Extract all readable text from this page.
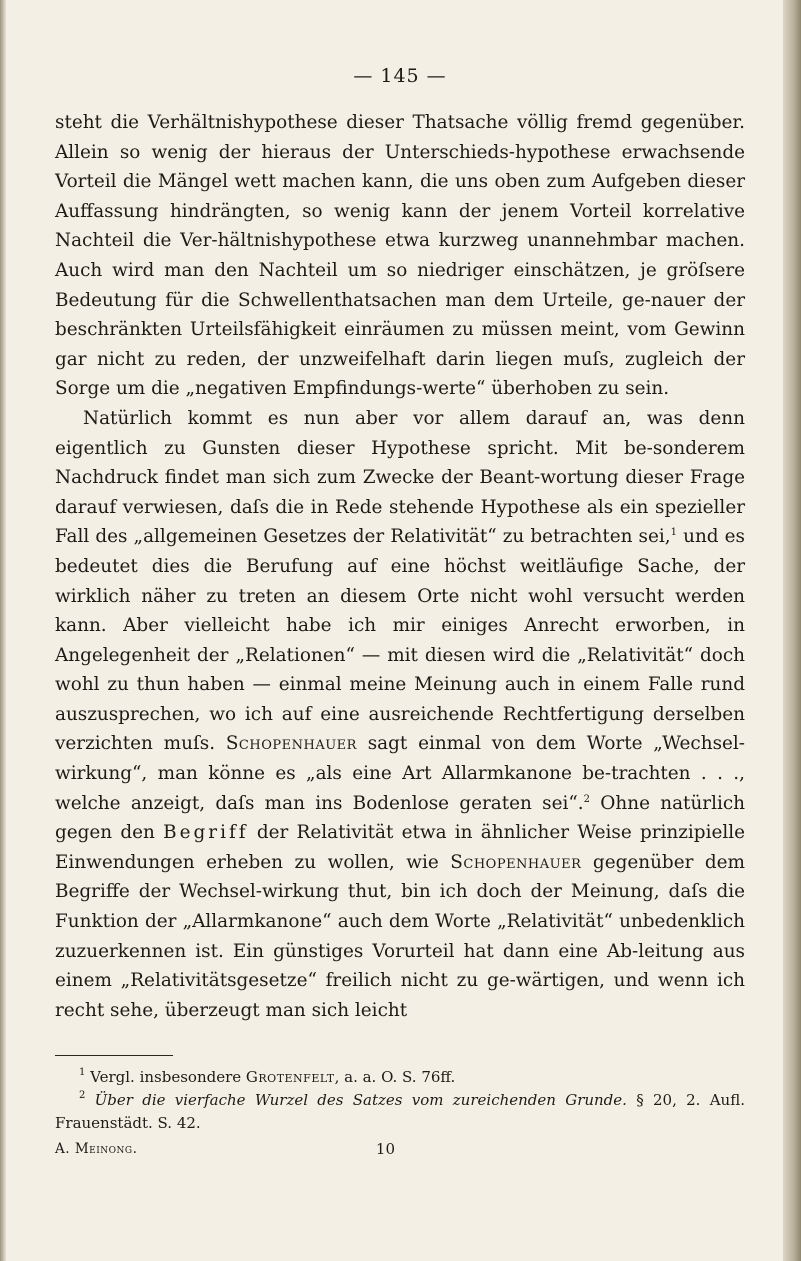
— 145 —

steht die Verhältnishypothese dieser Thatsache völlig fremd gegenüber. Allein so wenig der hieraus der Unterschieds-hypothese erwachsende Vorteil die Mängel wett machen kann, die uns oben zum Aufgeben dieser Auffassung hindrängten, so wenig kann der jenem Vorteil korrelative Nachteil die Ver-hältnishypothese etwa kurzweg unannehmbar machen. Auch wird man den Nachteil um so niedriger einschätzen, je gröſsere Bedeutung für die Schwellenthatsachen man dem Urteile, ge-nauer der beschränkten Urteilsfähigkeit einräumen zu müssen meint, vom Gewinn gar nicht zu reden, der unzweifelhaft darin liegen muſs, zugleich der Sorge um die „negativen Empfindungs-werte“ überhoben zu sein.

Natürlich kommt es nun aber vor allem darauf an, was denn eigentlich zu Gunsten dieser Hypothese spricht. Mit be-sonderem Nachdruck findet man sich zum Zwecke der Beant-wortung dieser Frage darauf verwiesen, daſs die in Rede stehende Hypothese als ein spezieller Fall des „allgemeinen Gesetzes der Relativität“ zu betrachten sei,$^1$ und es bedeutet dies die Berufung auf eine höchst weitläufige Sache, der wirklich näher zu treten an diesem Orte nicht wohl versucht werden kann. Aber vielleicht habe ich mir einiges Anrecht erworben, in Angelegenheit der „Relationen“ — mit diesen wird die „Relativität“ doch wohl zu thun haben — einmal meine Meinung auch in einem Falle rund auszusprechen, wo ich auf eine ausreichende Rechtfertigung derselben verzichten muſs. Schopenhauer sagt einmal von dem Worte „Wechsel-wirkung“, man könne es „als eine Art Allarmkanone be-trachten . . ., welche anzeigt, daſs man ins Bodenlose geraten sei“.$^2$ Ohne natürlich gegen den Begriff der Relativität etwa in ähnlicher Weise prinzipielle Einwendungen erheben zu wollen, wie Schopenhauer gegenüber dem Begriffe der Wechsel-wirkung thut, bin ich doch der Meinung, daſs die Funktion der „Allarmkanone“ auch dem Worte „Relativität“ unbedenklich zuzuerkennen ist. Ein günstiges Vorurteil hat dann eine Ab-leitung aus einem „Relativitätsgesetze“ freilich nicht zu ge-wärtigen, und wenn ich recht sehe, überzeugt man sich leicht

$^1$ Vergl. insbesondere Grotenfelt, a. a. O. S. 76ff.

$^2$ Über die vierfache Wurzel des Satzes vom zureichenden Grunde. § 20, 2. Aufl. Frauenstädt. S. 42.

A. Meinong.	10
